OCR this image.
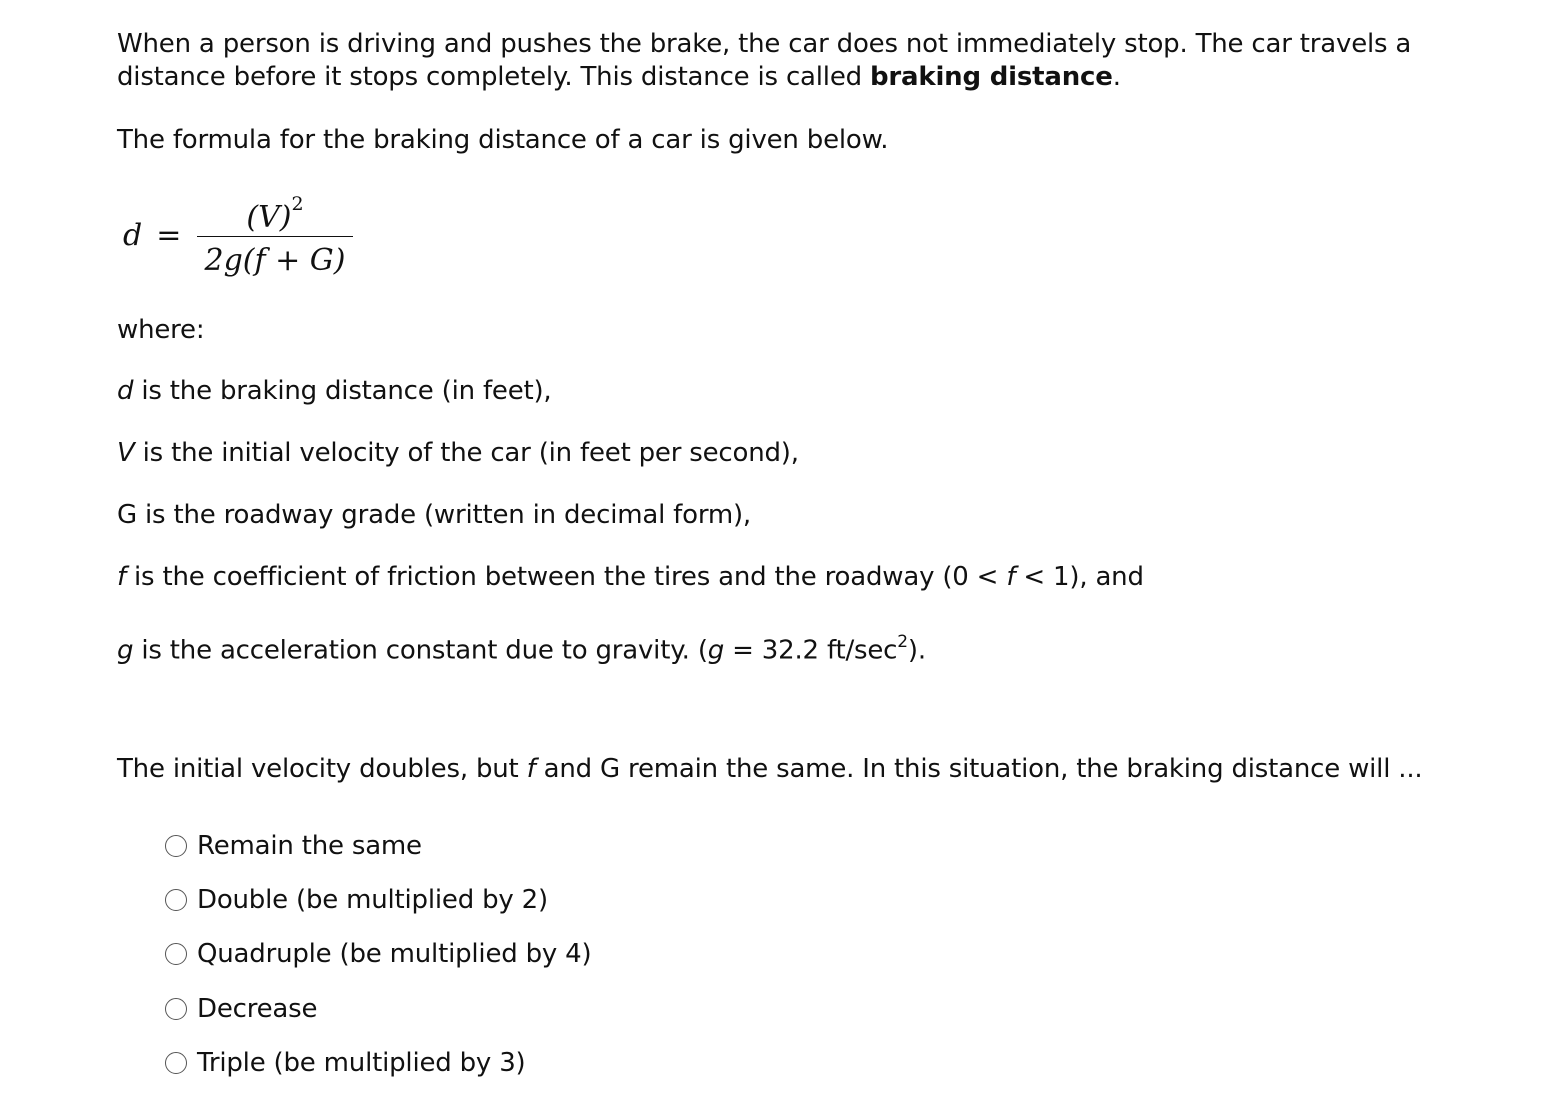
When a person is driving and pushes the brake, the car does not immediately stop. The car travels a distance before it stops completely. This distance is called braking distance.

The formula for the braking distance of a car is given below.

d =
$(V)^2$
2g(f + G)

where:

d is the braking distance (in feet),

V is the initial velocity of the car (in feet per second),

G is the roadway grade (written in decimal form),

f is the coefficient of friction between the tires and the roadway (0 < f < 1), and

g is the acceleration constant due to gravity. (g = 32.2 $ft/\sec^2$).

The initial velocity doubles, but f and G remain the same. In this situation, the braking distance will ...

Remain the same
Double (be multiplied by 2)
Quadruple (be multiplied by 4)
Decrease
Triple (be multiplied by 3)
